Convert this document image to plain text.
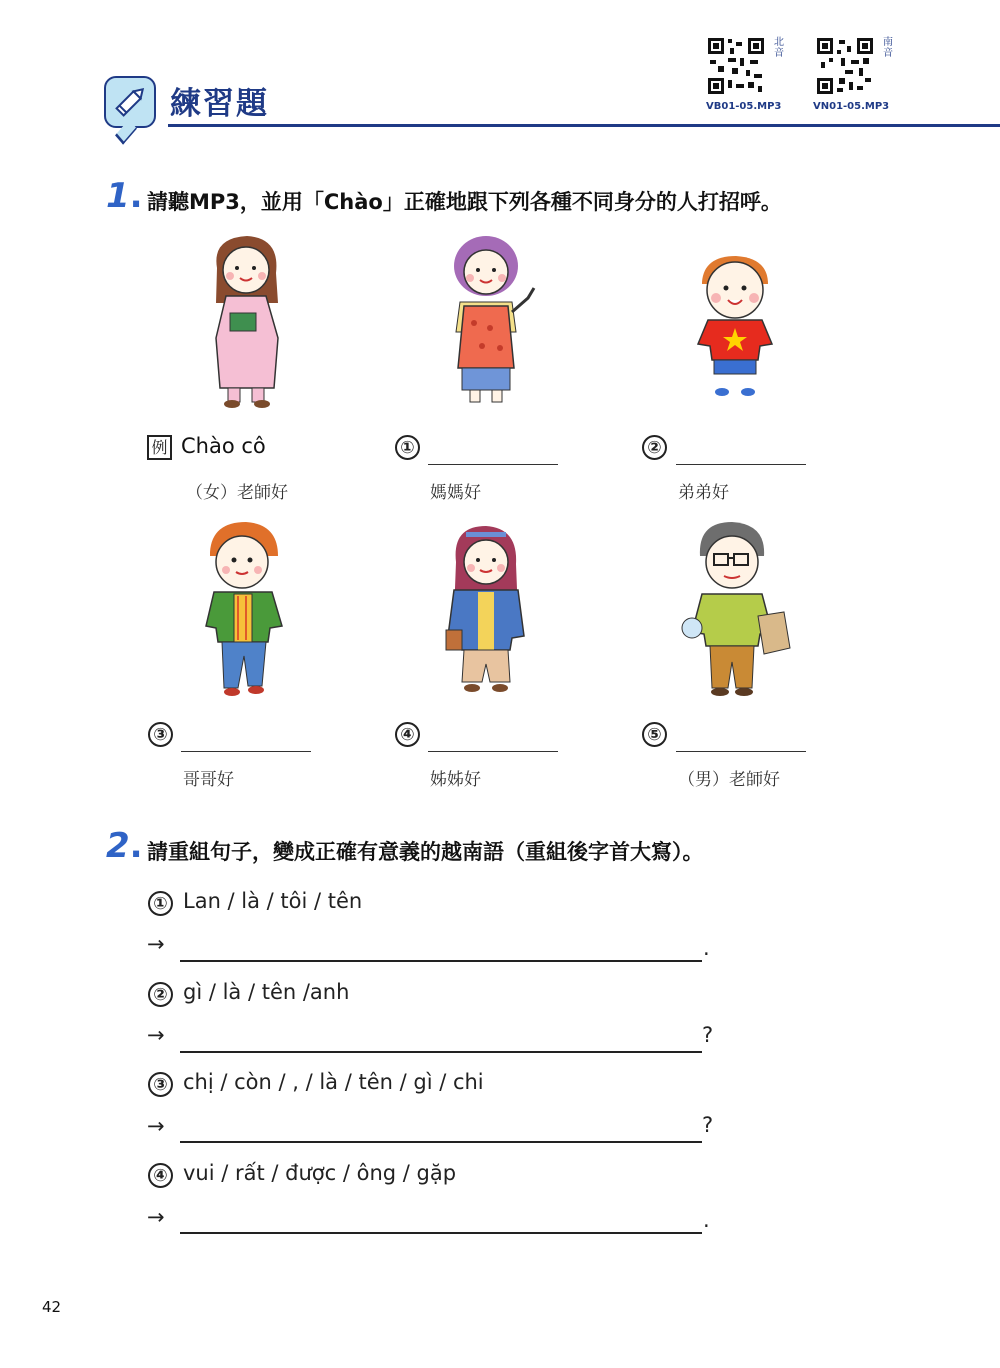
練習題
北音
VB01-05.MP3
南音
VN01-05.MP3
1. 請聽MP3，並用「Chào」正確地跟下列各種不同身分的人打招呼。
例 Chào cô
（女）老師好
①
媽媽好
②
弟弟好
③
哥哥好
④
姊姊好
⑤
（男）老師好
2. 請重組句子，變成正確有意義的越南語（重組後字首大寫）。
① Lan / là / tôi / tên
→	.
② gì / là / tên /anh
→	?
③ chị / còn / , / là / tên / gì / chi
→	?
④ vui / rất / được / ông / gặp
→	.
42
